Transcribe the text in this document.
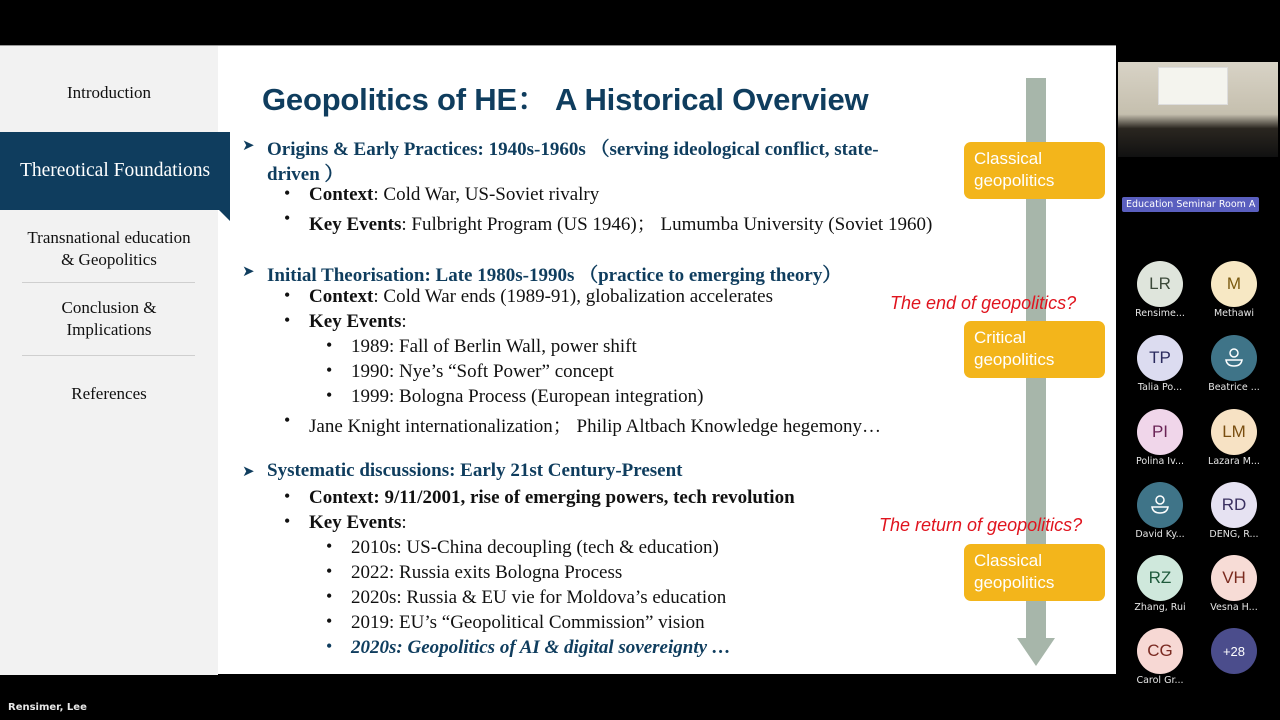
Introduction
Thereotical Foundations
Transnational education
& Geopolitics
Conclusion &
Implications
References
Geopolitics of HE： A Historical Overview
➤ Origins & Early Practices: 1940s-1960s （serving ideological conflict, state-
driven ）
• Context: Cold War, US-Soviet rivalry
• Key Events: Fulbright Program (US 1946)； Lumumba University (Soviet 1960)
➤ Initial Theorisation: Late 1980s-1990s （practice to emerging theory）
• Context: Cold War ends (1989-91), globalization accelerates
• Key Events:
• 1989: Fall of Berlin Wall, power shift
• 1990: Nye’s “Soft Power” concept
• 1999: Bologna Process (European integration)
• Jane Knight internationalization； Philip Altbach Knowledge hegemony…
➤ Systematic discussions: Early 21st Century-Present
• Context: 9/11/2001, rise of emerging powers, tech revolution
• Key Events:
• 2010s: US-China decoupling (tech & education)
• 2022: Russia exits Bologna Process
• 2020s: Russia & EU vie for Moldova’s education
• 2019: EU’s “Geopolitical Commission” vision
• 2020s: Geopolitics of AI & digital sovereignty …
Classical
geopolitics
The end of geopolitics?
Critical
geopolitics
The return of geopolitics?
Classical
geopolitics
Education Seminar Room A
LR
Rensime...
M
Methawi
TP
Talia Po...	Beatrice ...
PI
Polina Iv...
LM
Lazara M...
David Ky...
RD
DENG, R...
RZ
Zhang, Rui
VH
Vesna H...
CG
Carol Gr...
+28
Rensimer, Lee
